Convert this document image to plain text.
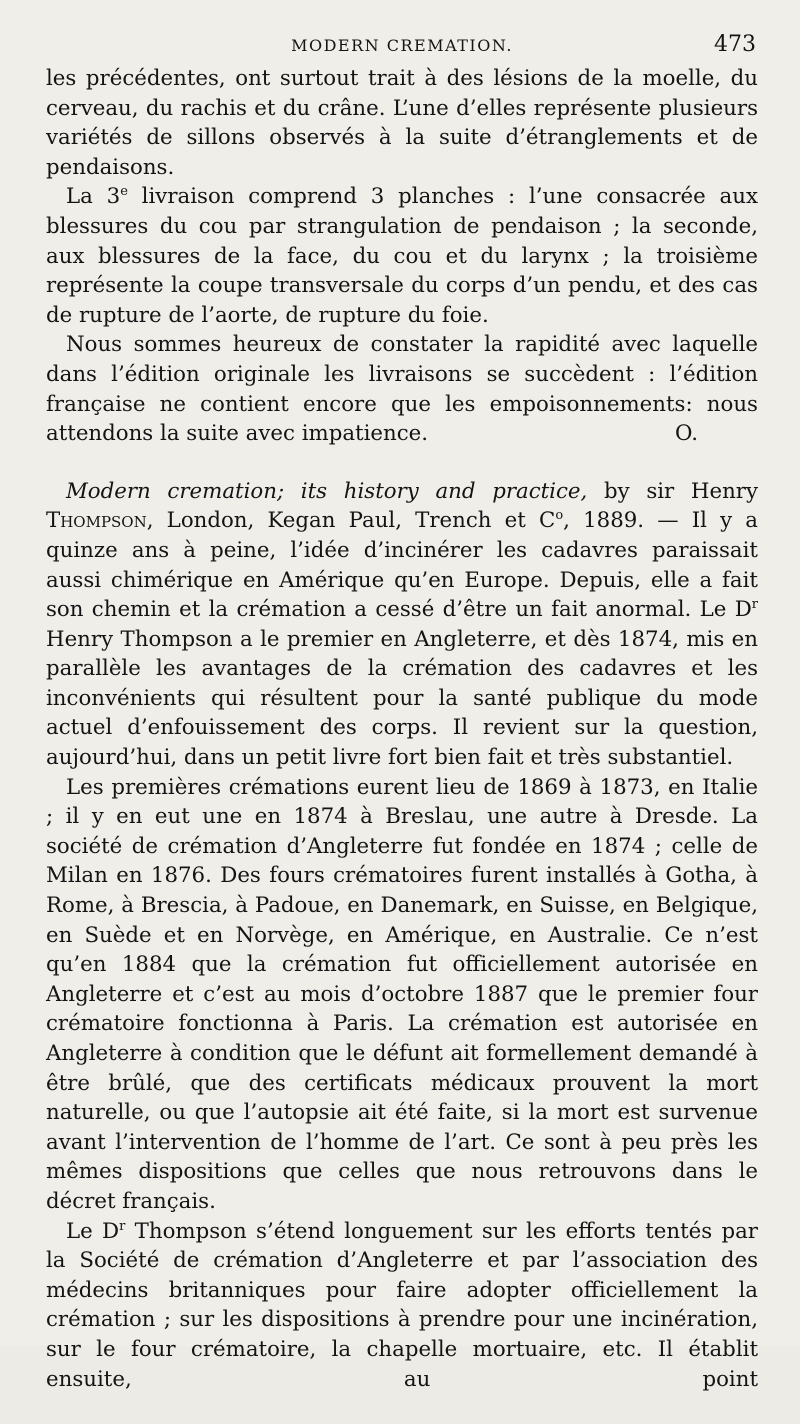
MODERN CREMATION.	473

les précédentes, ont surtout trait à des lésions de la moelle, du cerveau, du rachis et du crâne. L’une d’elles représente plusieurs variétés de sillons observés à la suite d’étranglements et de pendaisons.

La 3e livraison comprend 3 planches : l’une consacrée aux blessures du cou par strangulation de pendaison ; la seconde, aux blessures de la face, du cou et du larynx ; la troisième représente la coupe transversale du corps d’un pendu, et des cas de rupture de l’aorte, de rupture du foie.

Nous sommes heureux de constater la rapidité avec laquelle dans l’édition originale les livraisons se succèdent : l’édition française ne contient encore que les empoisonnements: nous attendons la suite avec impatience.	O.

Modern cremation; its history and practice, by sir Henry Thompson, London, Kegan Paul, Trench et $C^o$, 1889. — Il y a quinze ans à peine, l’idée d’incinérer les cadavres paraissait aussi chimérique en Amérique qu’en Europe. Depuis, elle a fait son chemin et la crémation a cessé d’être un fait anormal. Le $D^r$ Henry Thompson a le premier en Angleterre, et dès 1874, mis en parallèle les avantages de la crémation des cadavres et les inconvénients qui résultent pour la santé publique du mode actuel d’enfouissement des corps. Il revient sur la question, aujourd’hui, dans un petit livre fort bien fait et très substantiel.

Les premières crémations eurent lieu de 1869 à 1873, en Italie ; il y en eut une en 1874 à Breslau, une autre à Dresde. La société de crémation d’Angleterre fut fondée en 1874 ; celle de Milan en 1876. Des fours crématoires furent installés à Gotha, à Rome, à Brescia, à Padoue, en Danemark, en Suisse, en Belgique, en Suède et en Norvège, en Amérique, en Australie. Ce n’est qu’en 1884 que la crémation fut officiellement autorisée en Angleterre et c’est au mois d’octobre 1887 que le premier four crématoire fonctionna à Paris. La crémation est autorisée en Angleterre à condition que le défunt ait formellement demandé à être brûlé, que des certificats médicaux prouvent la mort naturelle, ou que l’autopsie ait été faite, si la mort est survenue avant l’intervention de l’homme de l’art. Ce sont à peu près les mêmes dispositions que celles que nous retrouvons dans le décret français.

Le $D^r$ Thompson s’étend longuement sur les efforts tentés par la Société de crémation d’Angleterre et par l’association des médecins britanniques pour faire adopter officiellement la crémation ; sur les dispositions à prendre pour une incinération, sur le four crématoire, la chapelle mortuaire, etc. Il établit ensuite, au point
